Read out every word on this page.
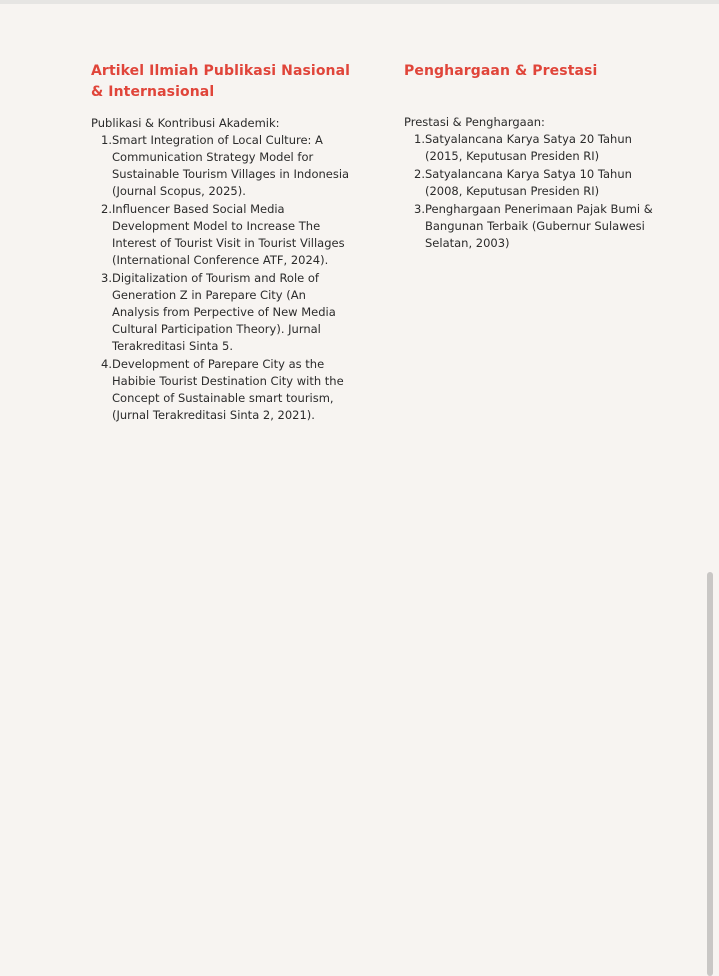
Artikel Ilmiah Publikasi Nasional & Internasional

Publikasi & Kontribusi Akademik:

1. Smart Integration of Local Culture: A Communication Strategy Model for Sustainable Tourism Villages in Indonesia (Journal Scopus, 2025).
2. Influencer Based Social Media Development Model to Increase The Interest of Tourist Visit in Tourist Villages (International Conference ATF, 2024).
3. Digitalization of Tourism and Role of Generation Z in Parepare City (An Analysis from Perpective of New Media Cultural Participation Theory). Jurnal Terakreditasi Sinta 5.
4. Development of Parepare City as the Habibie Tourist Destination City with the Concept of Sustainable smart tourism, (Jurnal Terakreditasi Sinta 2, 2021).
Penghargaan & Prestasi

Prestasi & Penghargaan:

1. Satyalancana Karya Satya 20 Tahun (2015, Keputusan Presiden RI)
2. Satyalancana Karya Satya 10 Tahun (2008, Keputusan Presiden RI)
3. Penghargaan Penerimaan Pajak Bumi & Bangunan Terbaik (Gubernur Sulawesi Selatan, 2003)
